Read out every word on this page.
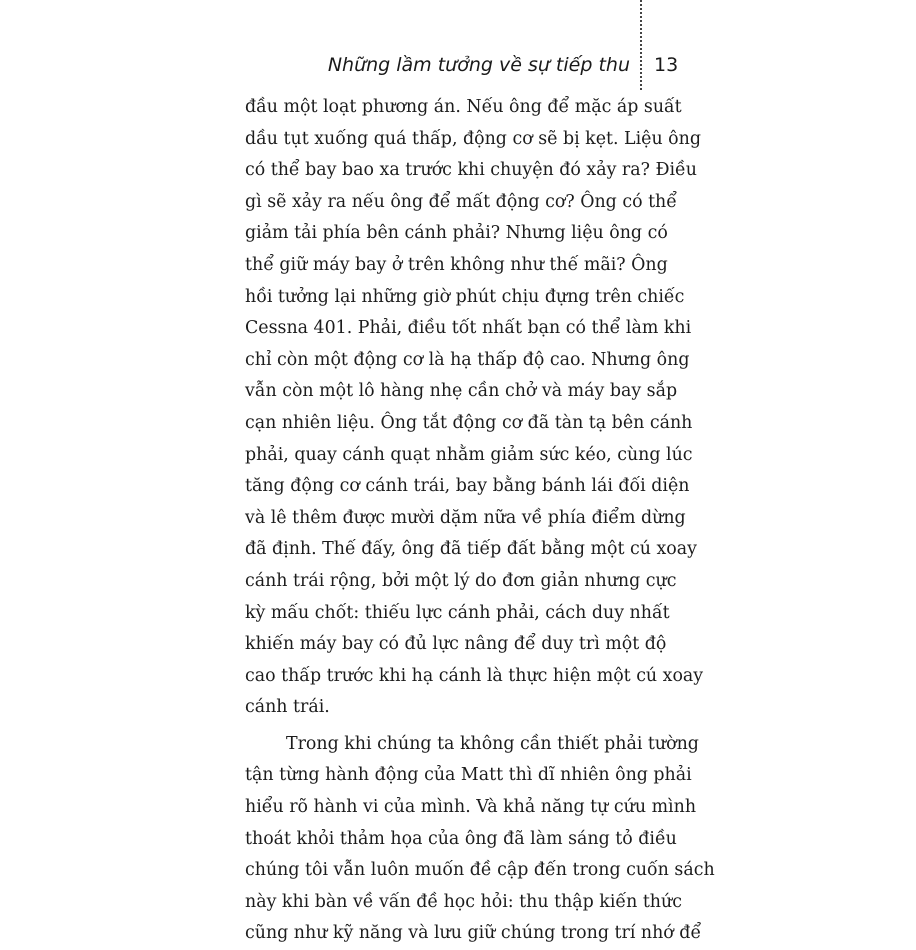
Những lầm tưởng về sự tiếp thu 13
đầu một loạt phương án. Nếu ông để mặc áp suất
dầu tụt xuống quá thấp, động cơ sẽ bị kẹt. Liệu ông
có thể bay bao xa trước khi chuyện đó xảy ra? Điều
gì sẽ xảy ra nếu ông để mất động cơ? Ông có thể
giảm tải phía bên cánh phải? Nhưng liệu ông có
thể giữ máy bay ở trên không như thế mãi? Ông
hồi tưởng lại những giờ phút chịu đựng trên chiếc
Cessna 401. Phải, điều tốt nhất bạn có thể làm khi
chỉ còn một động cơ là hạ thấp độ cao. Nhưng ông
vẫn còn một lô hàng nhẹ cần chở và máy bay sắp
cạn nhiên liệu. Ông tắt động cơ đã tàn tạ bên cánh
phải, quay cánh quạt nhằm giảm sức kéo, cùng lúc
tăng động cơ cánh trái, bay bằng bánh lái đối diện
và lê thêm được mười dặm nữa về phía điểm dừng
đã định. Thế đấy, ông đã tiếp đất bằng một cú xoay
cánh trái rộng, bởi một lý do đơn giản nhưng cực
kỳ mấu chốt: thiếu lực cánh phải, cách duy nhất
khiến máy bay có đủ lực nâng để duy trì một độ
cao thấp trước khi hạ cánh là thực hiện một cú xoay
cánh trái.
Trong khi chúng ta không cần thiết phải tường
tận từng hành động của Matt thì dĩ nhiên ông phải
hiểu rõ hành vi của mình. Và khả năng tự cứu mình
thoát khỏi thảm họa của ông đã làm sáng tỏ điều
chúng tôi vẫn luôn muốn đề cập đến trong cuốn sách
này khi bàn về vấn đề học hỏi: thu thập kiến thức
cũng như kỹ năng và lưu giữ chúng trong trí nhớ để
